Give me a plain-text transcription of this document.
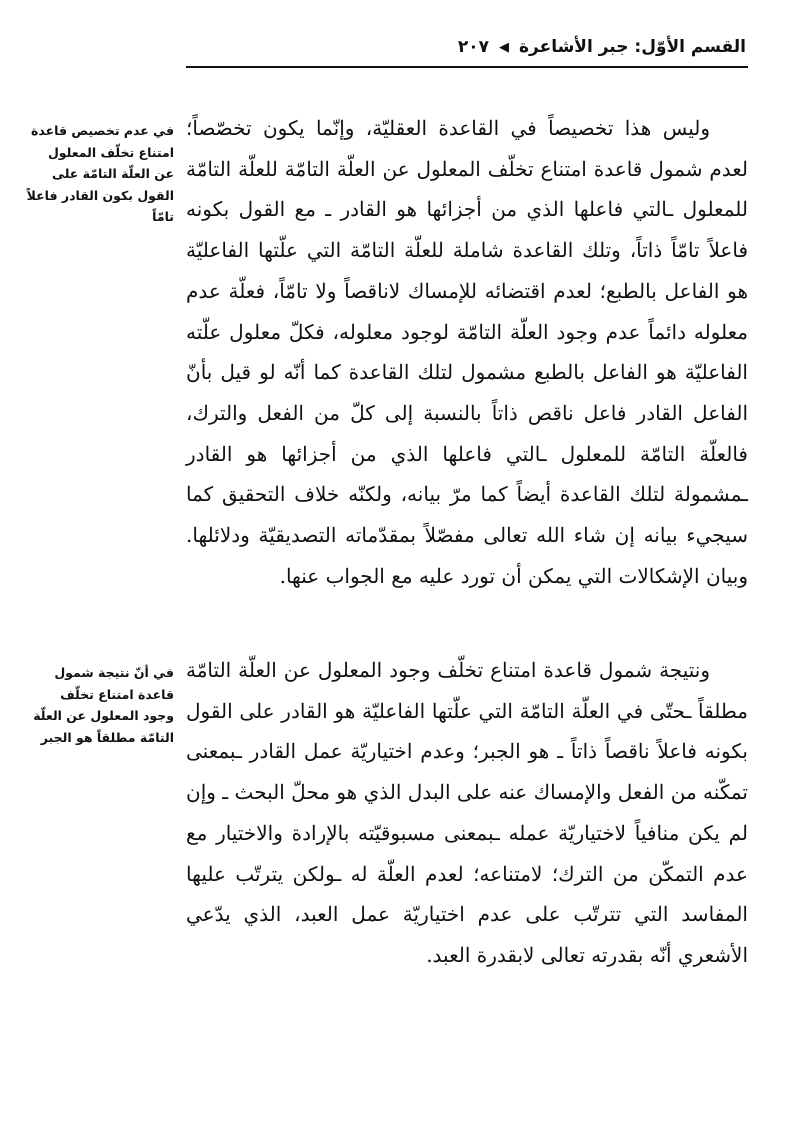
القسم الأوّل: جبر الأشاعرة
◀
٢٠٧

وليس هذا تخصيصاً في القاعدة العقليّة، وإنّما يكون تخصّصاً؛ لعدم شمول قاعدة امتناع تخلّف المعلول عن العلّة التامّة للعلّة التامّة للمعلول ـالتي فاعلها الذي من أجزائها هو القادر ـ مع القول بكونه فاعلاً تامّاً ذاتاً، وتلك القاعدة شاملة للعلّة التامّة التي علّتها الفاعليّة هو الفاعل بالطبع؛ لعدم اقتضائه للإمساك لاناقصاً ولا تامّاً، فعلّة عدم معلوله دائماً عدم وجود العلّة التامّة لوجود معلوله، فكلّ معلول علّته الفاعليّة هو الفاعل بالطبع مشمول لتلك القاعدة كما أنّه لو قيل بأنّ الفاعل القادر فاعل ناقص ذاتاً بالنسبة إلى كلّ من الفعل والترك، فالعلّة التامّة للمعلول ـالتي فاعلها الذي من أجزائها هو القادر ـمشمولة لتلك القاعدة أيضاً كما مرّ بيانه، ولكنّه خلاف التحقيق كما سيجيء بيانه إن شاء الله تعالى مفصّلاً بمقدّماته التصديقيّة ودلائلها. وبيان الإشكالات التي يمكن أن تورد عليه مع الجواب عنها.

ونتيجة شمول قاعدة امتناع تخلّف وجود المعلول عن العلّة التامّة مطلقاً ـحتّى في العلّة التامّة التي علّتها الفاعليّة هو القادر على القول بكونه فاعلاً ناقصاً ذاتاً ـ هو الجبر؛ وعدم اختياريّة عمل القادر ـبمعنى تمكّنه من الفعل والإمساك عنه على البدل الذي هو محلّ البحث ـ وإن لم يكن منافياً لاختياريّة عمله ـبمعنى مسبوقيّته بالإرادة والاختيار مع عدم التمكّن من الترك؛ لامتناعه؛ لعدم العلّة له ـولكن يترتّب عليها المفاسد التي تترتّب على عدم اختياريّة عمل العبد، الذي يدّعي الأشعري أنّه بقدرته تعالى لابقدرة العبد.

في عدم تخصيص قاعدة امتناع تخلّف المعلول عن العلّة التامّة على القول بكون القادر فاعلاً تامّاً
في أنّ نتيجة شمول قاعدة امتناع تخلّف وجود المعلول عن العلّة التامّة مطلقاً هو الجبر
